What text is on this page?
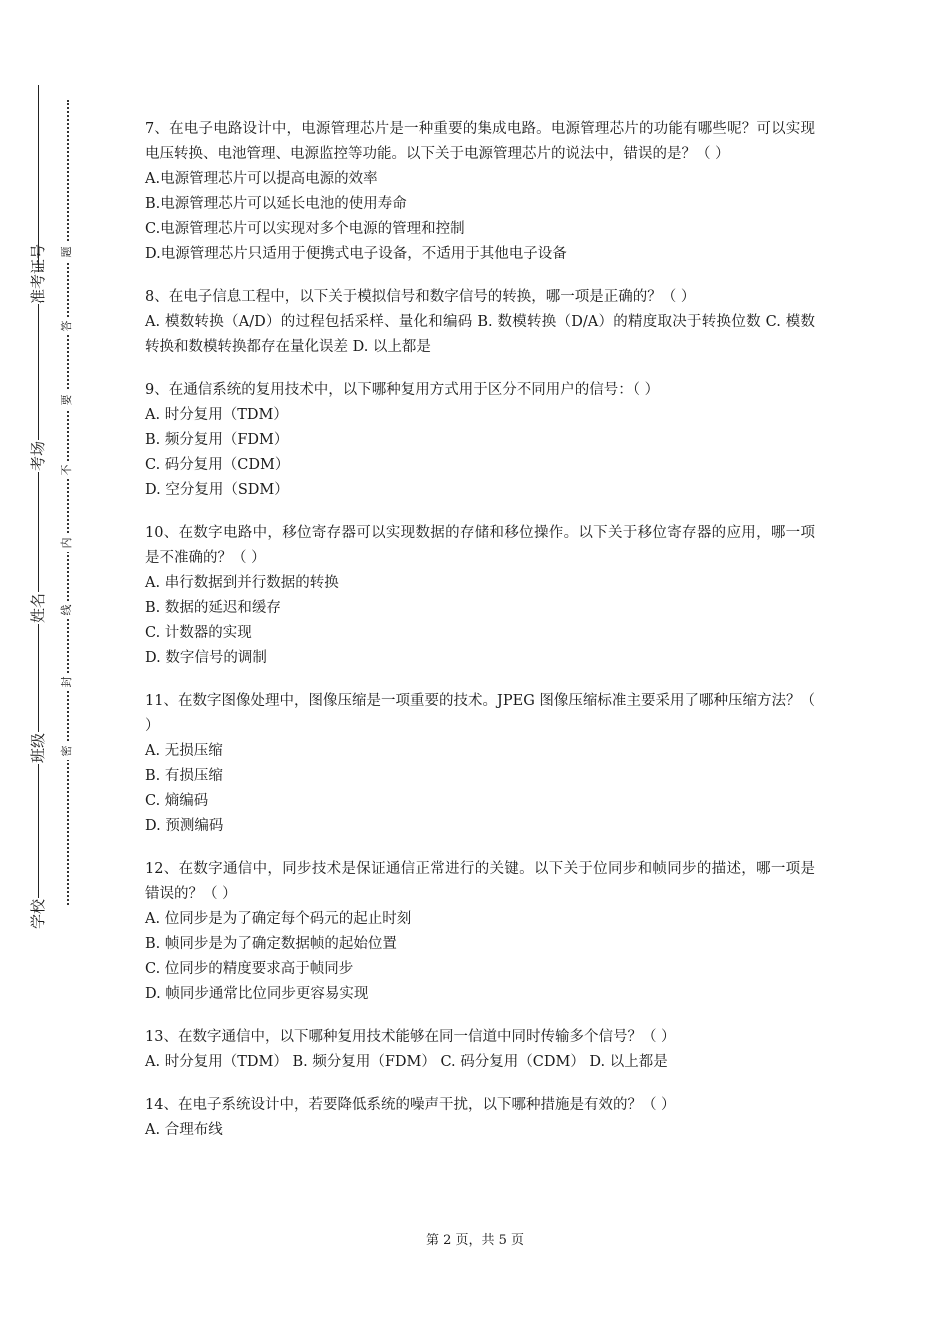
准考证号
考场
姓名
班级
学校
题
答
要
不
内
线
封
密

7、在电子电路设计中，电源管理芯片是一种重要的集成电路。电源管理芯片的功能有哪些呢？可以实现电压转换、电池管理、电源监控等功能。以下关于电源管理芯片的说法中，错误的是？（ ）

A.电源管理芯片可以提高电源的效率

B.电源管理芯片可以延长电池的使用寿命

C.电源管理芯片可以实现对多个电源的管理和控制

D.电源管理芯片只适用于便携式电子设备，不适用于其他电子设备

8、在电子信息工程中，以下关于模拟信号和数字信号的转换，哪一项是正确的？（ ）

A. 模数转换（A/D）的过程包括采样、量化和编码 B. 数模转换（D/A）的精度取决于转换位数 C. 模数转换和数模转换都存在量化误差 D. 以上都是

9、在通信系统的复用技术中，以下哪种复用方式用于区分不同用户的信号：（ ）

A. 时分复用（TDM）

B. 频分复用（FDM）

C. 码分复用（CDM）

D. 空分复用（SDM）

10、在数字电路中，移位寄存器可以实现数据的存储和移位操作。以下关于移位寄存器的应用，哪一项是不准确的？（ ）

A. 串行数据到并行数据的转换

B. 数据的延迟和缓存

C. 计数器的实现

D. 数字信号的调制

11、在数字图像处理中，图像压缩是一项重要的技术。JPEG 图像压缩标准主要采用了哪种压缩方法？（ ）

A. 无损压缩

B. 有损压缩

C. 熵编码

D. 预测编码

12、在数字通信中，同步技术是保证通信正常进行的关键。以下关于位同步和帧同步的描述，哪一项是错误的？（ ）

A. 位同步是为了确定每个码元的起止时刻

B. 帧同步是为了确定数据帧的起始位置

C. 位同步的精度要求高于帧同步

D. 帧同步通常比位同步更容易实现

13、在数字通信中，以下哪种复用技术能够在同一信道中同时传输多个信号？（ ）

A. 时分复用（TDM） B. 频分复用（FDM） C. 码分复用（CDM） D. 以上都是

14、在电子系统设计中，若要降低系统的噪声干扰，以下哪种措施是有效的？（ ）

A. 合理布线

第 2 页，共 5 页
